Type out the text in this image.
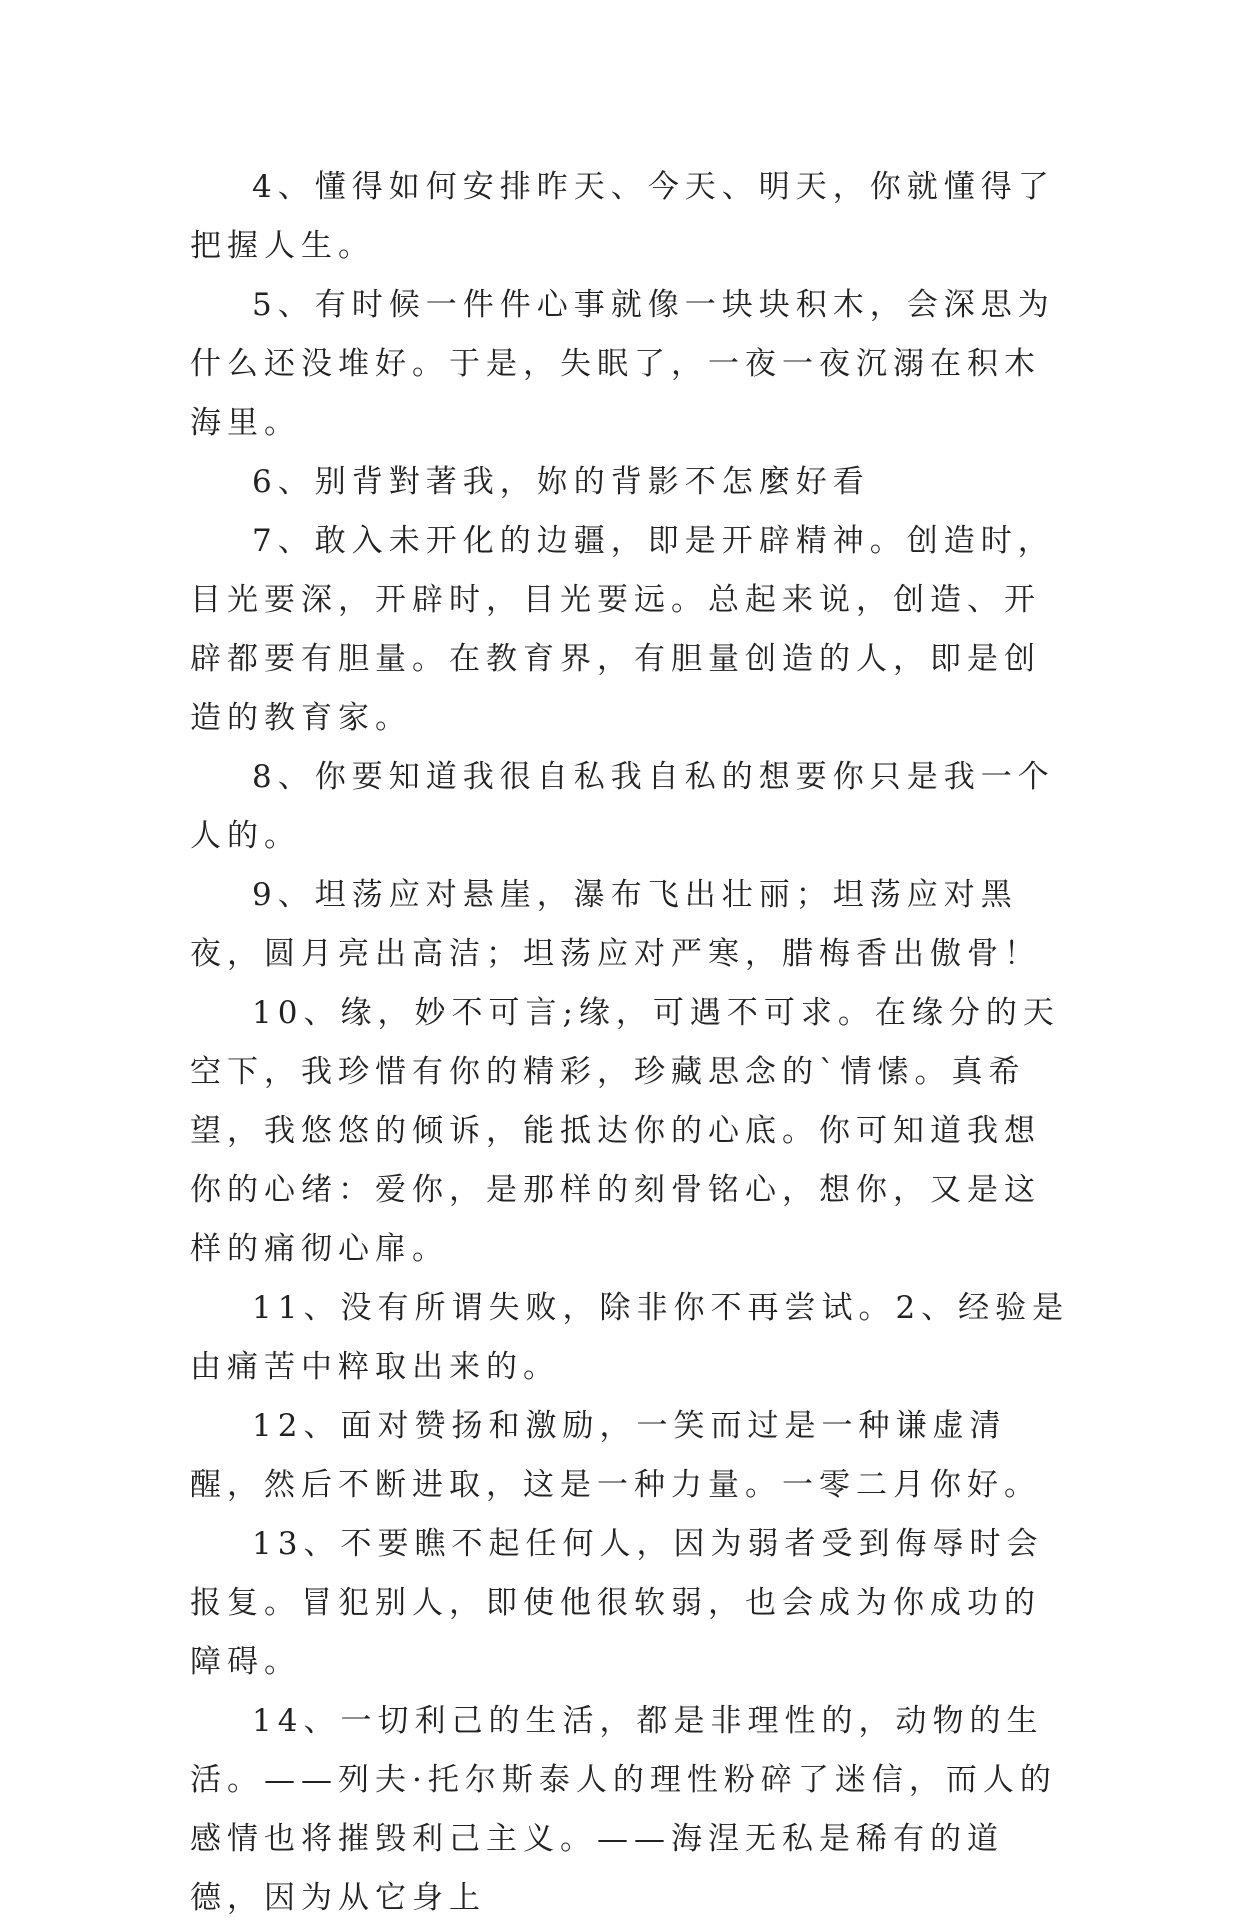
4、懂得如何安排昨天、今天、明天，你就懂得了把握人生。

5、有时候一件件心事就像一块块积木，会深思为什么还没堆好。于是，失眠了，一夜一夜沉溺在积木海里。

6、别背對著我，妳的背影不怎麼好看

7、敢入未开化的边疆，即是开辟精神。创造时，目光要深，开辟时，目光要远。总起来说，创造、开辟都要有胆量。在教育界，有胆量创造的人，即是创造的教育家。

8、你要知道我很自私我自私的想要你只是我一个人的。

9、坦荡应对悬崖，瀑布飞出壮丽；坦荡应对黑夜，圆月亮出高洁；坦荡应对严寒，腊梅香出傲骨！

10、缘，妙不可言;缘，可遇不可求。在缘分的天空下，我珍惜有你的精彩，珍藏思念的`情愫。真希望，我悠悠的倾诉，能抵达你的心底。你可知道我想你的心绪：爱你，是那样的刻骨铭心，想你，又是这样的痛彻心扉。

11、没有所谓失败，除非你不再尝试。2、经验是由痛苦中粹取出来的。

12、面对赞扬和激励，一笑而过是一种谦虚清醒，然后不断进取，这是一种力量。一零二月你好。

13、不要瞧不起任何人，因为弱者受到侮辱时会报复。冒犯别人，即使他很软弱，也会成为你成功的障碍。

14、一切利己的生活，都是非理性的，动物的生活。——列夫·托尔斯泰人的理性粉碎了迷信，而人的感情也将摧毁利己主义。——海涅无私是稀有的道德，因为从它身上
